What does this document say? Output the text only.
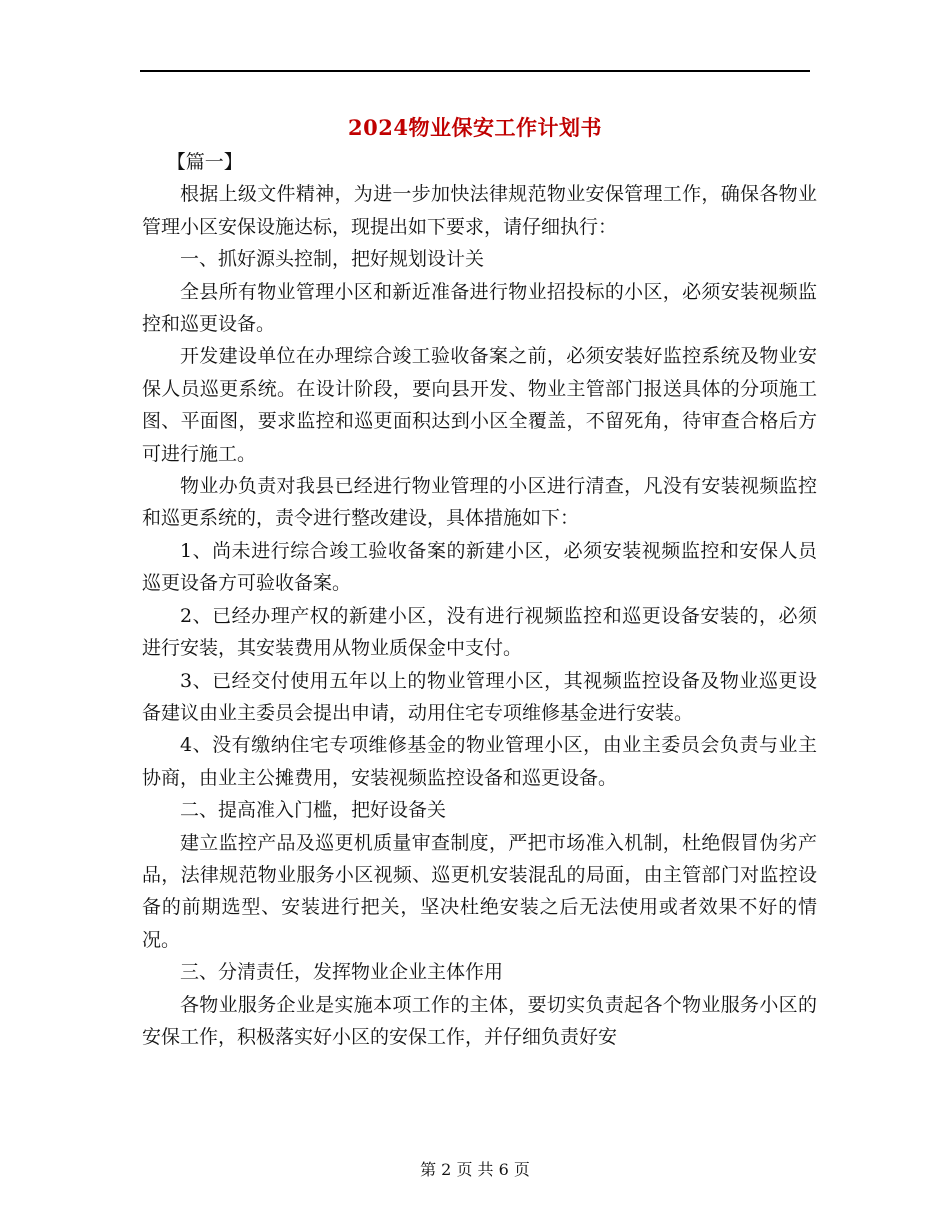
2024物业保安工作计划书

【篇一】

根据上级文件精神，为进一步加快法律规范物业安保管理工作，确保各物业管理小区安保设施达标，现提出如下要求，请仔细执行：

一、抓好源头控制，把好规划设计关

全县所有物业管理小区和新近准备进行物业招投标的小区，必须安装视频监控和巡更设备。

开发建设单位在办理综合竣工验收备案之前，必须安装好监控系统及物业安保人员巡更系统。在设计阶段，要向县开发、物业主管部门报送具体的分项施工图、平面图，要求监控和巡更面积达到小区全覆盖，不留死角，待审查合格后方可进行施工。

物业办负责对我县已经进行物业管理的小区进行清查，凡没有安装视频监控和巡更系统的，责令进行整改建设，具体措施如下：

1、尚未进行综合竣工验收备案的新建小区，必须安装视频监控和安保人员巡更设备方可验收备案。

2、已经办理产权的新建小区，没有进行视频监控和巡更设备安装的，必须进行安装，其安装费用从物业质保金中支付。

3、已经交付使用五年以上的物业管理小区，其视频监控设备及物业巡更设备建议由业主委员会提出申请，动用住宅专项维修基金进行安装。

4、没有缴纳住宅专项维修基金的物业管理小区，由业主委员会负责与业主协商，由业主公摊费用，安装视频监控设备和巡更设备。

二、提高准入门槛，把好设备关

建立监控产品及巡更机质量审查制度，严把市场准入机制，杜绝假冒伪劣产品，法律规范物业服务小区视频、巡更机安装混乱的局面，由主管部门对监控设备的前期选型、安装进行把关，坚决杜绝安装之后无法使用或者效果不好的情况。

三、分清责任，发挥物业企业主体作用

各物业服务企业是实施本项工作的主体，要切实负责起各个物业服务小区的安保工作，积极落实好小区的安保工作，并仔细负责好安

第 2 页 共 6 页
